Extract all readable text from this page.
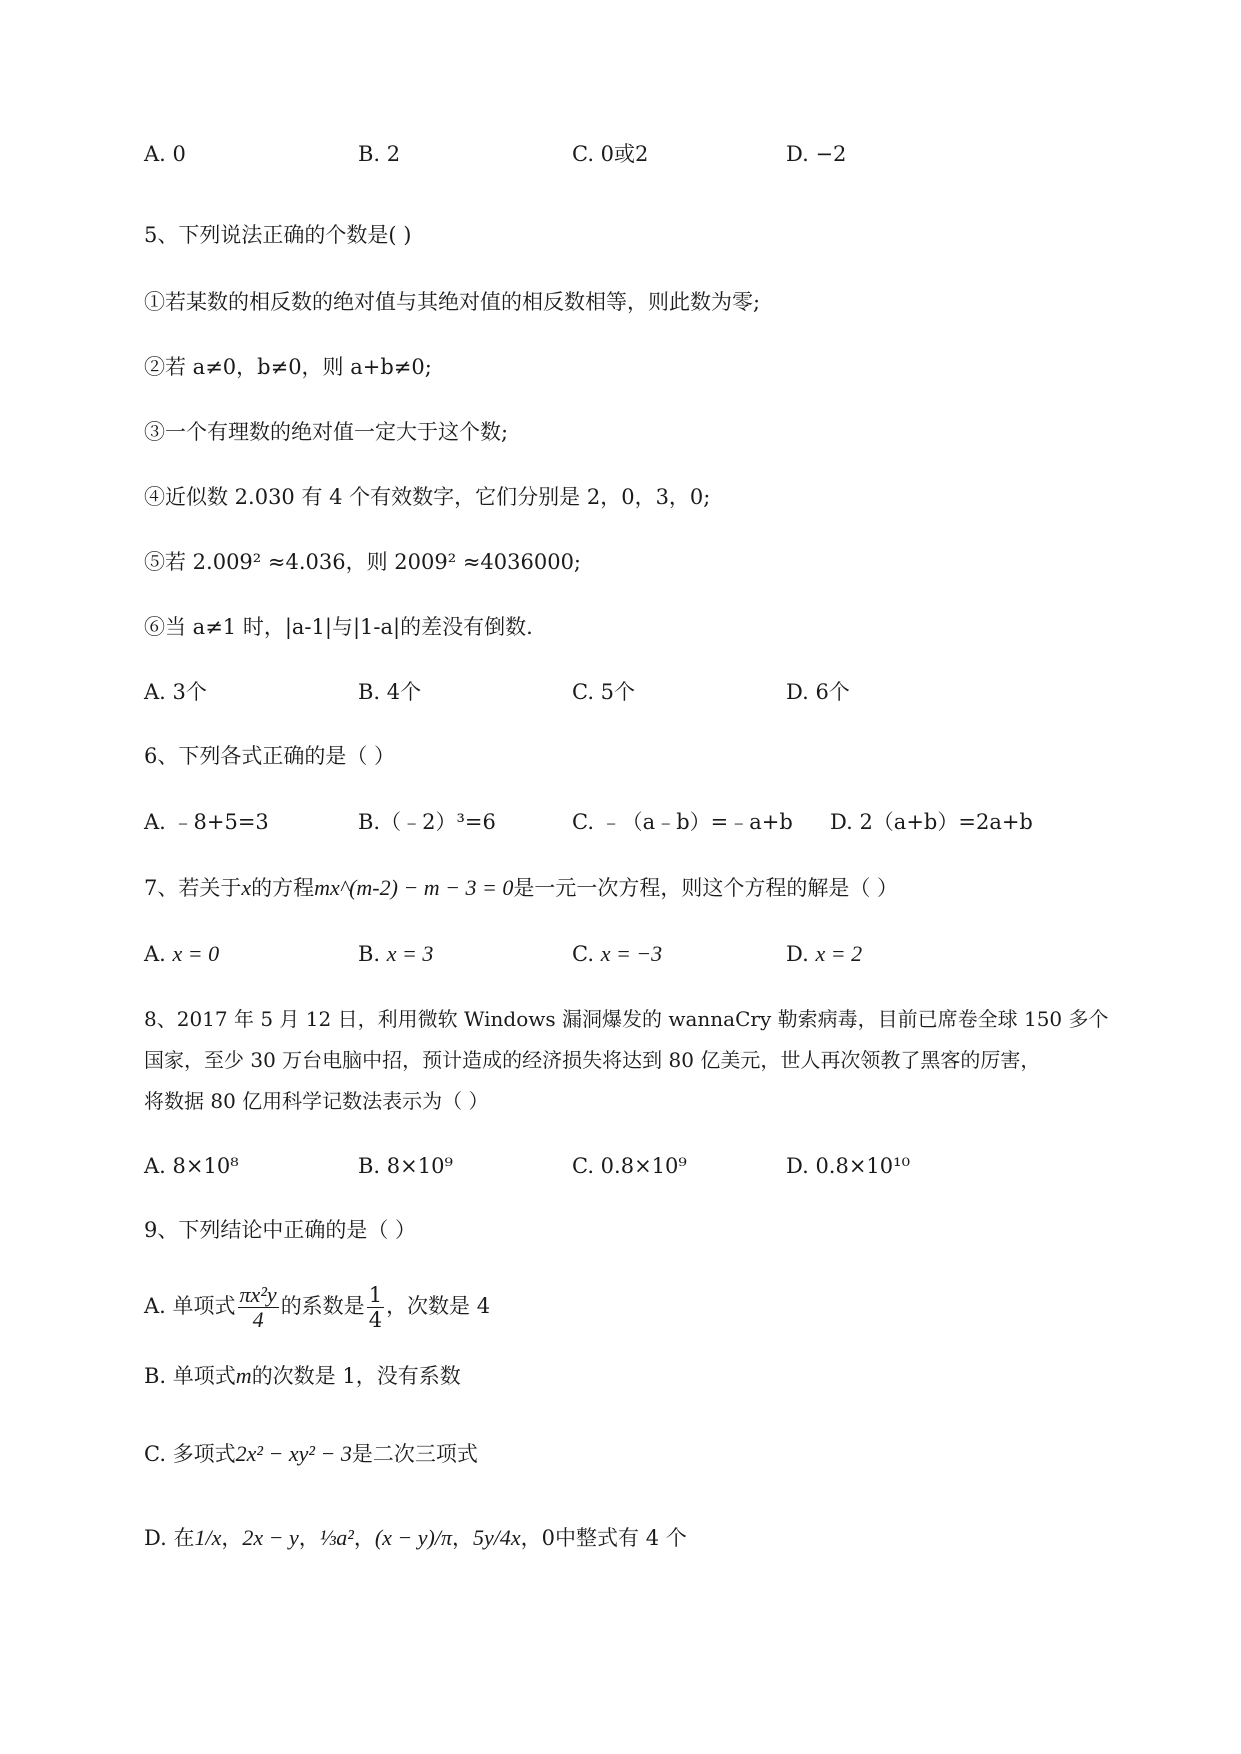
A. 0	B. 2	C. 0或2	D. −2
5、下列说法正确的个数是( )
①若某数的相反数的绝对值与其绝对值的相反数相等，则此数为零;
②若 a≠0，b≠0，则 a+b≠0;
③一个有理数的绝对值一定大于这个数;
④近似数 2.030 有 4 个有效数字，它们分别是 2，0，3，0;
⑤若 2.009² ≈4.036，则 2009² ≈4036000;
⑥当 a≠1 时，|a-1|与|1-a|的差没有倒数.
A. 3个	B. 4个	C. 5个	D. 6个
6、下列各式正确的是（ ）
A. ﹣8+5=3	B.（﹣2）³=6	C. ﹣（a﹣b）=﹣a+b D. 2（a+b）=2a+b
7、若关于x的方程mx^(m-2) − m − 3 = 0是一元一次方程，则这个方程的解是（ ）
A. x = 0	B. x = 3	C. x = −3	D. x = 2
8、2017 年 5 月 12 日，利用微软 Windows 漏洞爆发的 wannaCry 勒索病毒，目前已席卷全球 150 多个
国家，至少 30 万台电脑中招，预计造成的经济损失将达到 80 亿美元，世人再次领教了黑客的厉害，
将数据 80 亿用科学记数法表示为（ ）
A. 8×10⁸	B. 8×10⁹	C. 0.8×10⁹	D. 0.8×10¹⁰
9、下列结论中正确的是（ ）
A. 单项式 $\frac{\text{πx²y}}{4}$ 的系数是 $\frac{1}{4}$ ，次数是 4
B. 单项式m的次数是 1，没有系数
C. 多项式2x² − xy² − 3是二次三项式
D. 在1/x，2x − y，⅓a²，(x − y)/π，5y/4x，0中整式有 4 个
